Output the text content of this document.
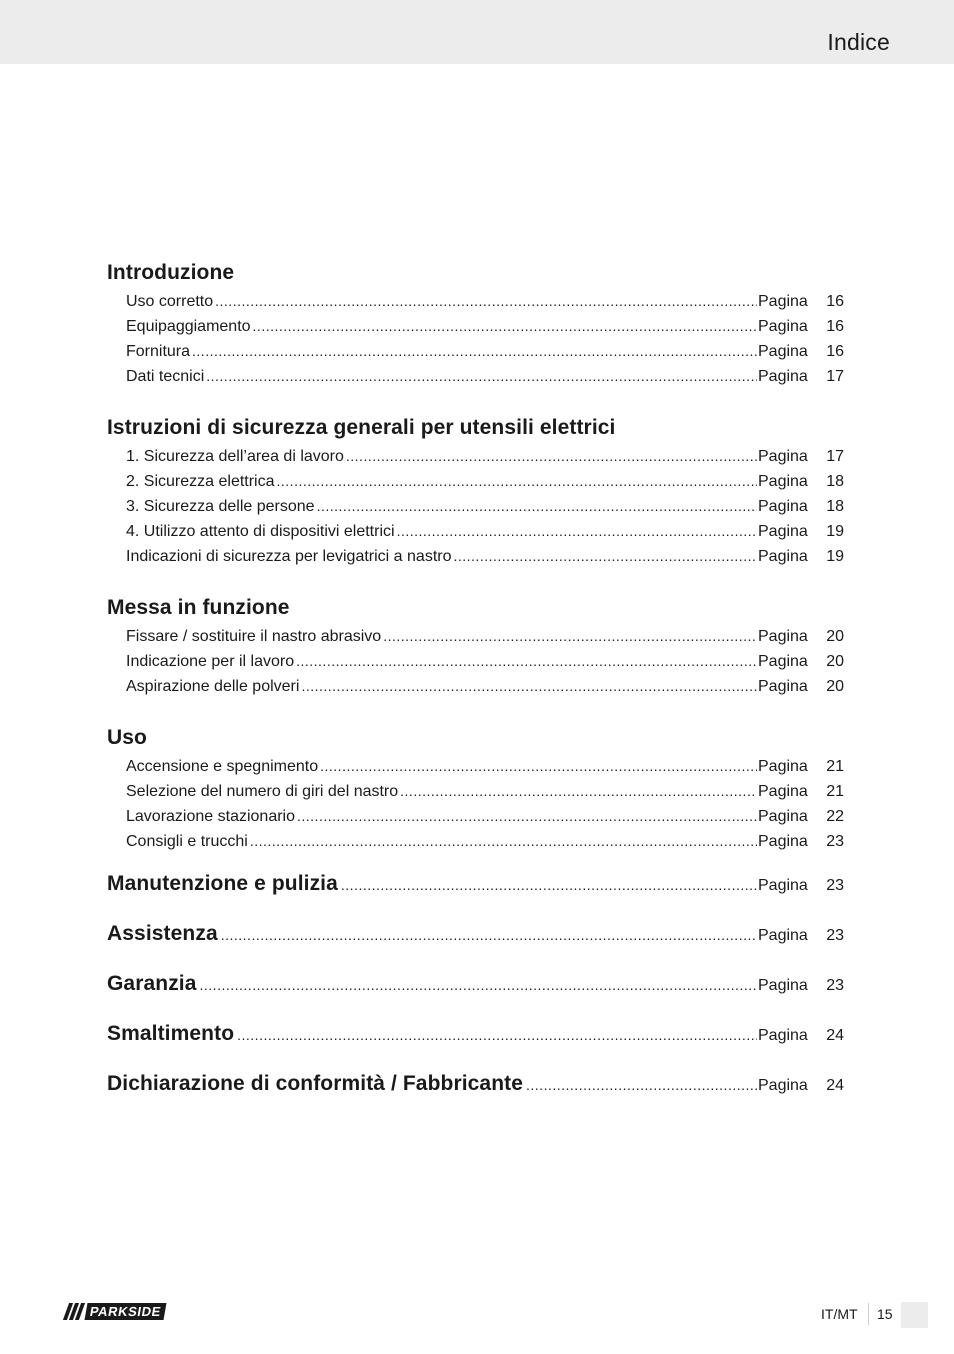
Indice
Introduzione
Uso corretto .....	Pagina	16
Equipaggiamento .....	Pagina	16
Fornitura .....	Pagina	16
Dati tecnici .....	Pagina	17
Istruzioni di sicurezza generali per utensili elettrici
1. Sicurezza dell’area di lavoro .....	Pagina	17
2. Sicurezza elettrica .....	Pagina	18
3. Sicurezza delle persone .....	Pagina	18
4. Utilizzo attento di dispositivi elettrici .....	Pagina	19
Indicazioni di sicurezza per levigatrici a nastro .....	Pagina	19
Messa in funzione
Fissare / sostituire il nastro abrasivo .....	Pagina	20
Indicazione per il lavoro .....	Pagina	20
Aspirazione delle polveri .....	Pagina	20
Uso
Accensione e spegnimento .....	Pagina	21
Selezione del numero di giri del nastro .....	Pagina	21
Lavorazione stazionario .....	Pagina	22
Consigli e trucchi .....	Pagina	23
Manutenzione e pulizia .....	Pagina	23
Assistenza .....	Pagina	23
Garanzia .....	Pagina	23
Smaltimento .....	Pagina	24
Dichiarazione di conformità / Fabbricante .....	Pagina	24
PARKSIDE	IT/MT 15
